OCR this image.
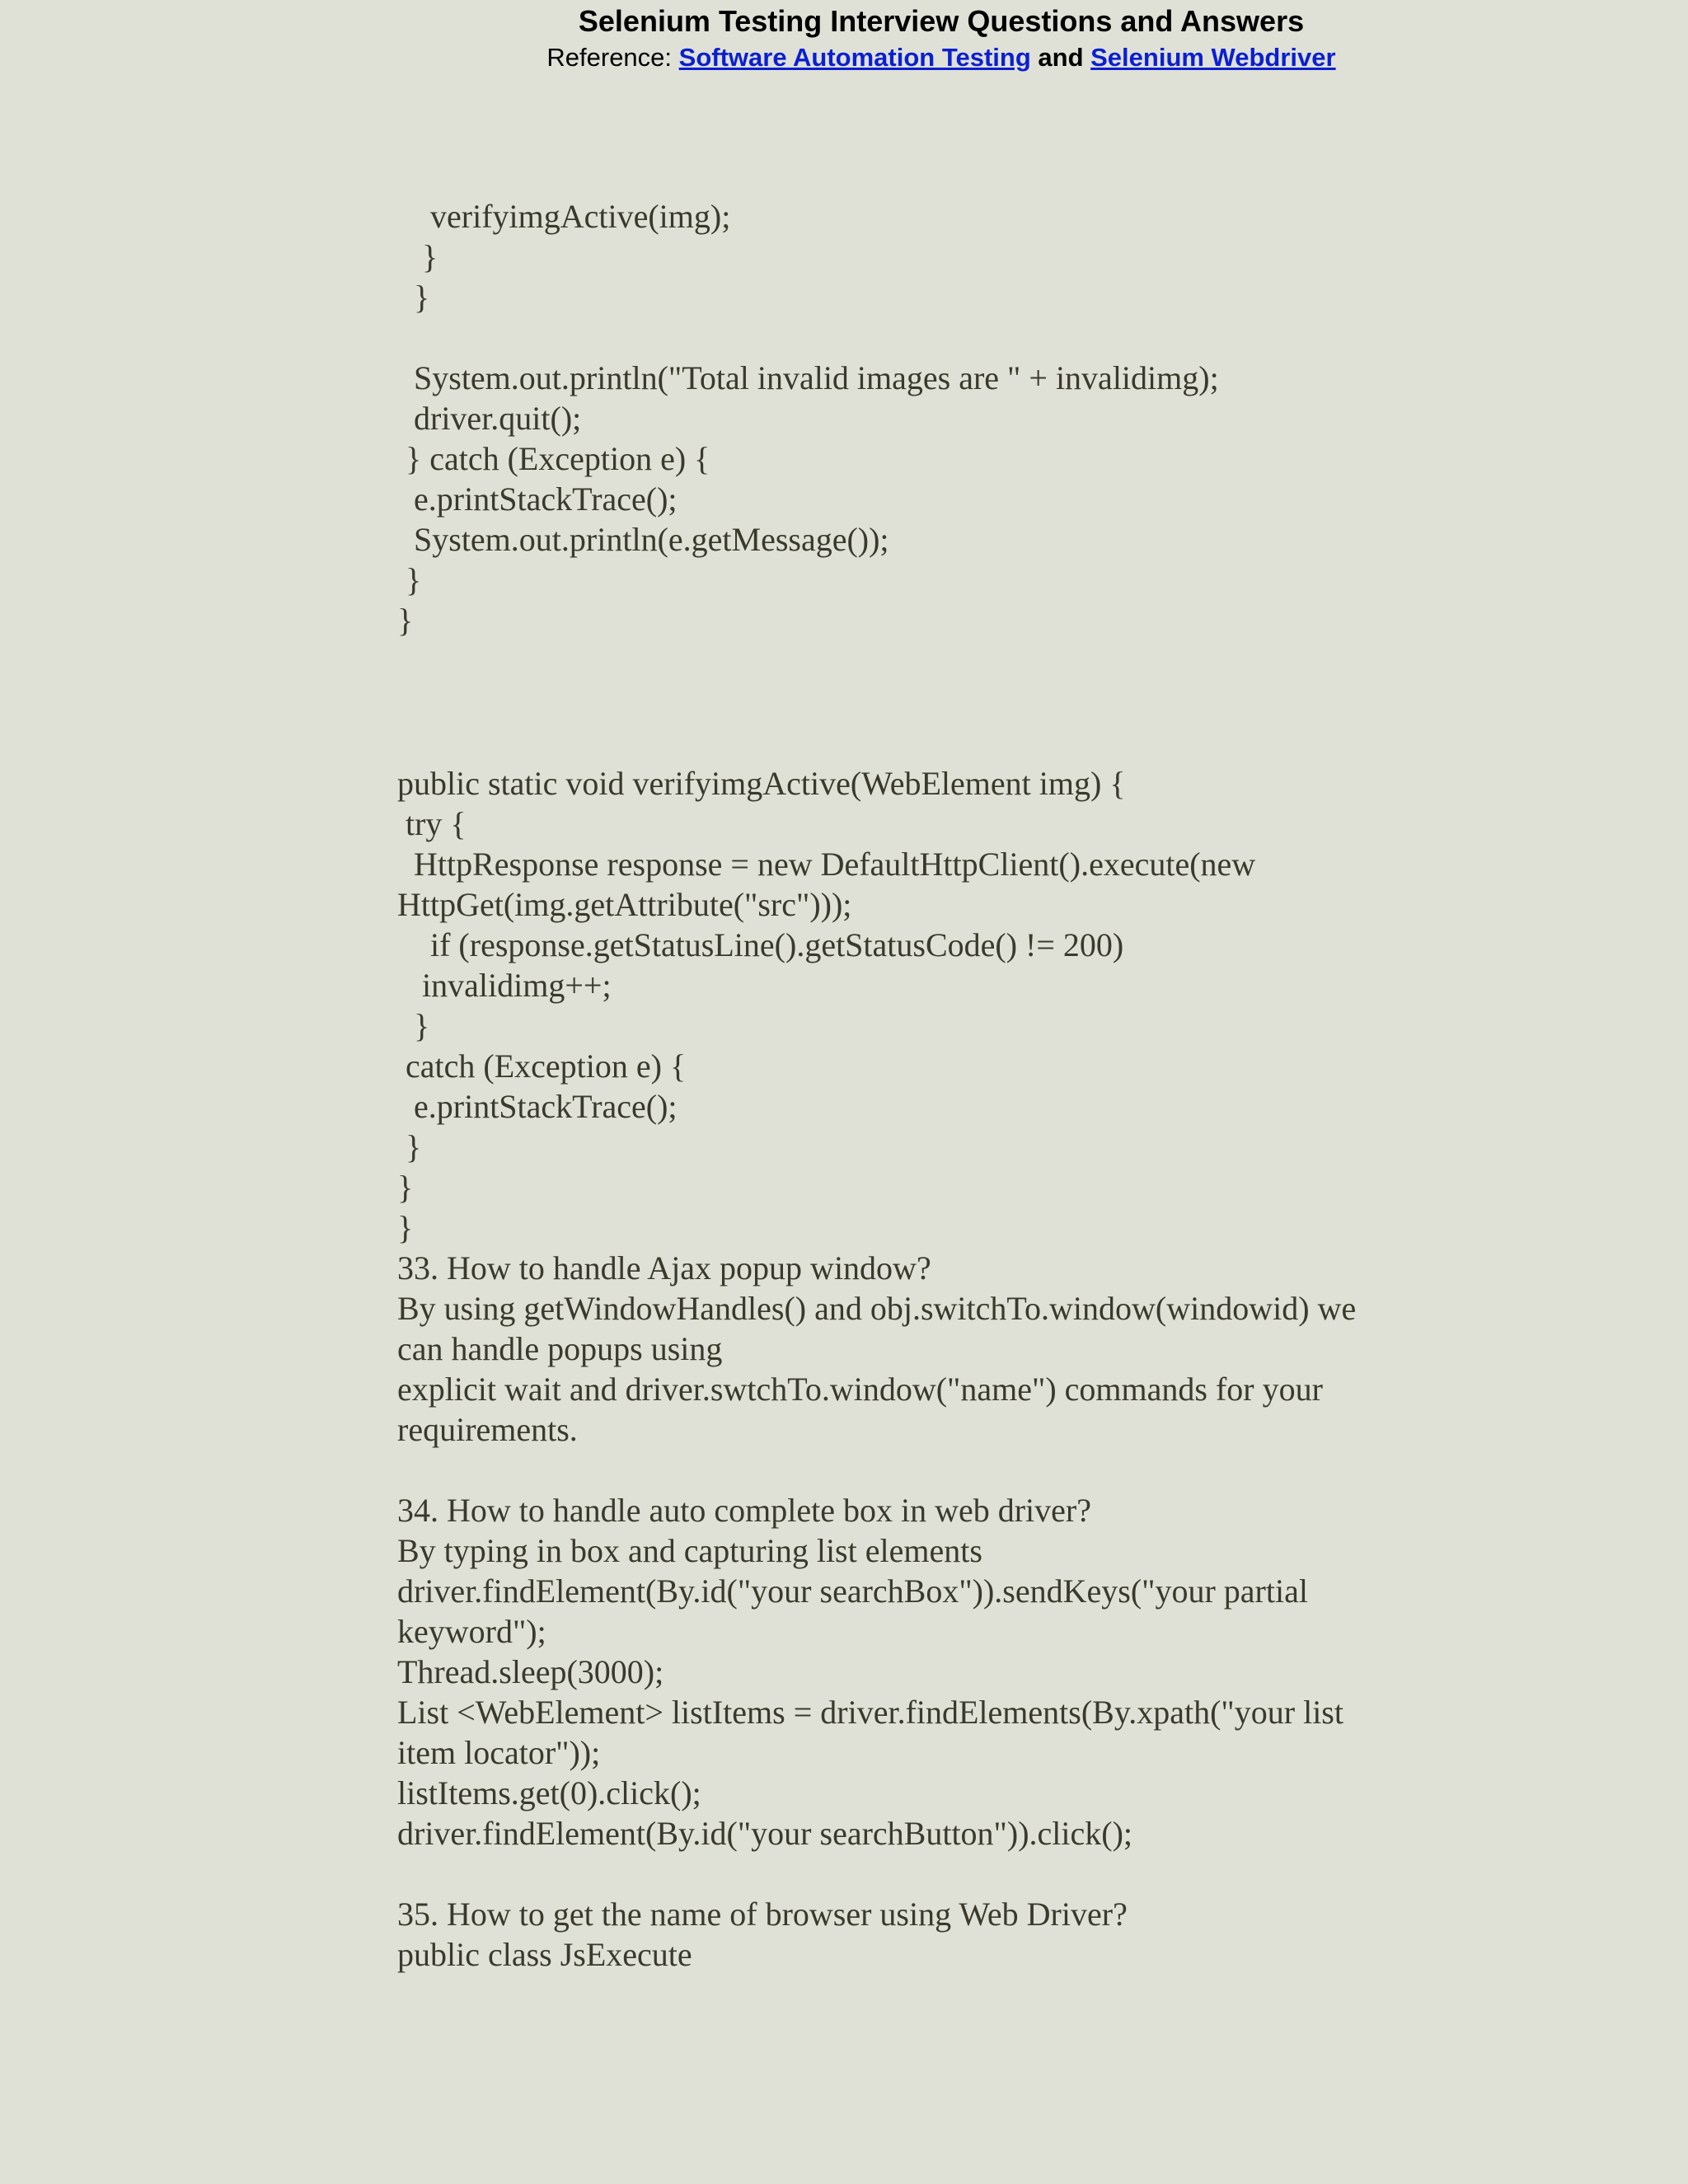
Selenium Testing Interview Questions and Answers
Reference: Software Automation Testing and Selenium Webdriver
verifyimgActive(img);
}
}
System.out.println("Total invalid images are " + invalidimg);
driver.quit();
} catch (Exception e) {
e.printStackTrace();
System.out.println(e.getMessage());
}
}
public static void verifyimgActive(WebElement img) {
try {
HttpResponse response = new DefaultHttpClient().execute(new
HttpGet(img.getAttribute("src")));
if (response.getStatusLine().getStatusCode() != 200)
invalidimg++;
}
catch (Exception e) {
e.printStackTrace();
}
}
}
33. How to handle Ajax popup window?
By using getWindowHandles() and obj.switchTo.window(windowid) we
can handle popups using
explicit wait and driver.swtchTo.window("name") commands for your
requirements.
34. How to handle auto complete box in web driver?
By typing in box and capturing list elements
driver.findElement(By.id("your searchBox")).sendKeys("your partial
keyword");
Thread.sleep(3000);
List <WebElement> listItems = driver.findElements(By.xpath("your list
item locator"));
listItems.get(0).click();
driver.findElement(By.id("your searchButton")).click();
35. How to get the name of browser using Web Driver?
public class JsExecute
